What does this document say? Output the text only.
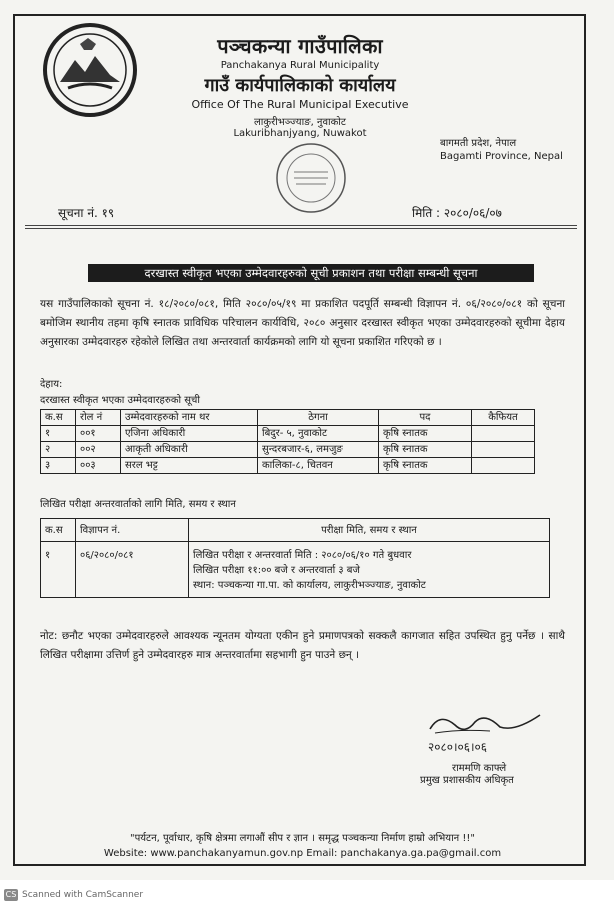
पञ्चकन्या गाउँपालिका
Panchakanya Rural Municipality
गाउँ कार्यपालिकाको कार्यालय
Office Of The Rural Municipal Executive
लाकुरीभञ्ज्याङ, नुवाकोट
Lakuribhanjyang, Nuwakot
बागमती प्रदेश, नेपाल
Bagamti Province, Nepal
सूचना नं. १९	मिति : २०८०/०६/०७
दरखास्त स्वीकृत भएका उम्मेदवारहरुको सूची प्रकाशन तथा परीक्षा सम्बन्धी सूचना
यस गाउँपालिकाको सूचना नं. १८/२०८०/०८१, मिति २०८०/०५/१९ मा प्रकाशित पदपूर्ति सम्बन्धी विज्ञापन नं. ०६/२०८०/०८१ को सूचना बमोजिम स्थानीय तहमा कृषि स्नातक प्राविधिक परिचालन कार्यविधि, २०८० अनुसार दरखास्त स्वीकृत भएका उम्मेदवारहरुको सूचीमा देहाय अनुसारका उम्मेदवारहरु रहेकोले लिखित तथा अन्तरवार्ता कार्यक्रमको लागि यो सूचना प्रकाशित गरिएको छ ।
देहाय:
दरखास्त स्वीकृत भएका उम्मेदवारहरुको सूची
क.स	रोल नं	उम्मेदवारहरुको नाम थर	ठेगना	पद	कैफियत
१	००१	एजिना अधिकारी	बिदुर- ५, नुवाकोट	कृषि स्नातक	
२	००२	आकृती अधिकारी	सुन्दरबजार-६, लमजुङ	कृषि स्नातक	
३	००३	सरल भट्ट	कालिका-८, चितवन	कृषि स्नातक	
लिखित परीक्षा अन्तरवार्ताको लागि मिति, समय र स्थान
क.स	विज्ञापन नं.	परीक्षा मिति, समय र स्थान
१	०६/२०८०/०८१	लिखित परीक्षा र अन्तरवार्ता मिति : २०८०/०६/१० गते बुधवार
लिखित परीक्षा ११:०० बजे र अन्तरवार्ता ३ बजे
स्थान: पञ्चकन्या गा.पा. को कार्यालय, लाकुरीभञ्ज्याङ, नुवाकोट
नोट: छनौट भएका उम्मेदवारहरुले आवश्यक न्यूनतम योग्यता एकीन हुने प्रमाणपत्रको सक्कलै कागजात सहित उपस्थित हुनु पर्नेछ । साथै लिखित परीक्षामा उत्तिर्ण हुने उम्मेदवारहरु मात्र अन्तरवार्तामा सहभागी हुन पाउने छन् ।
२०८०।०६।०६
राममणि काफ्ले
प्रमुख प्रशासकीय अधिकृत
"पर्यटन, पूर्वाधार, कृषि क्षेत्रमा लगाऔं सीप र ज्ञान । समृद्ध पञ्चकन्या निर्माण हाम्रो अभियान !!"
Website: www.panchakanyamun.gov.np Email: panchakanya.ga.pa@gmail.com
CS Scanned with CamScanner
